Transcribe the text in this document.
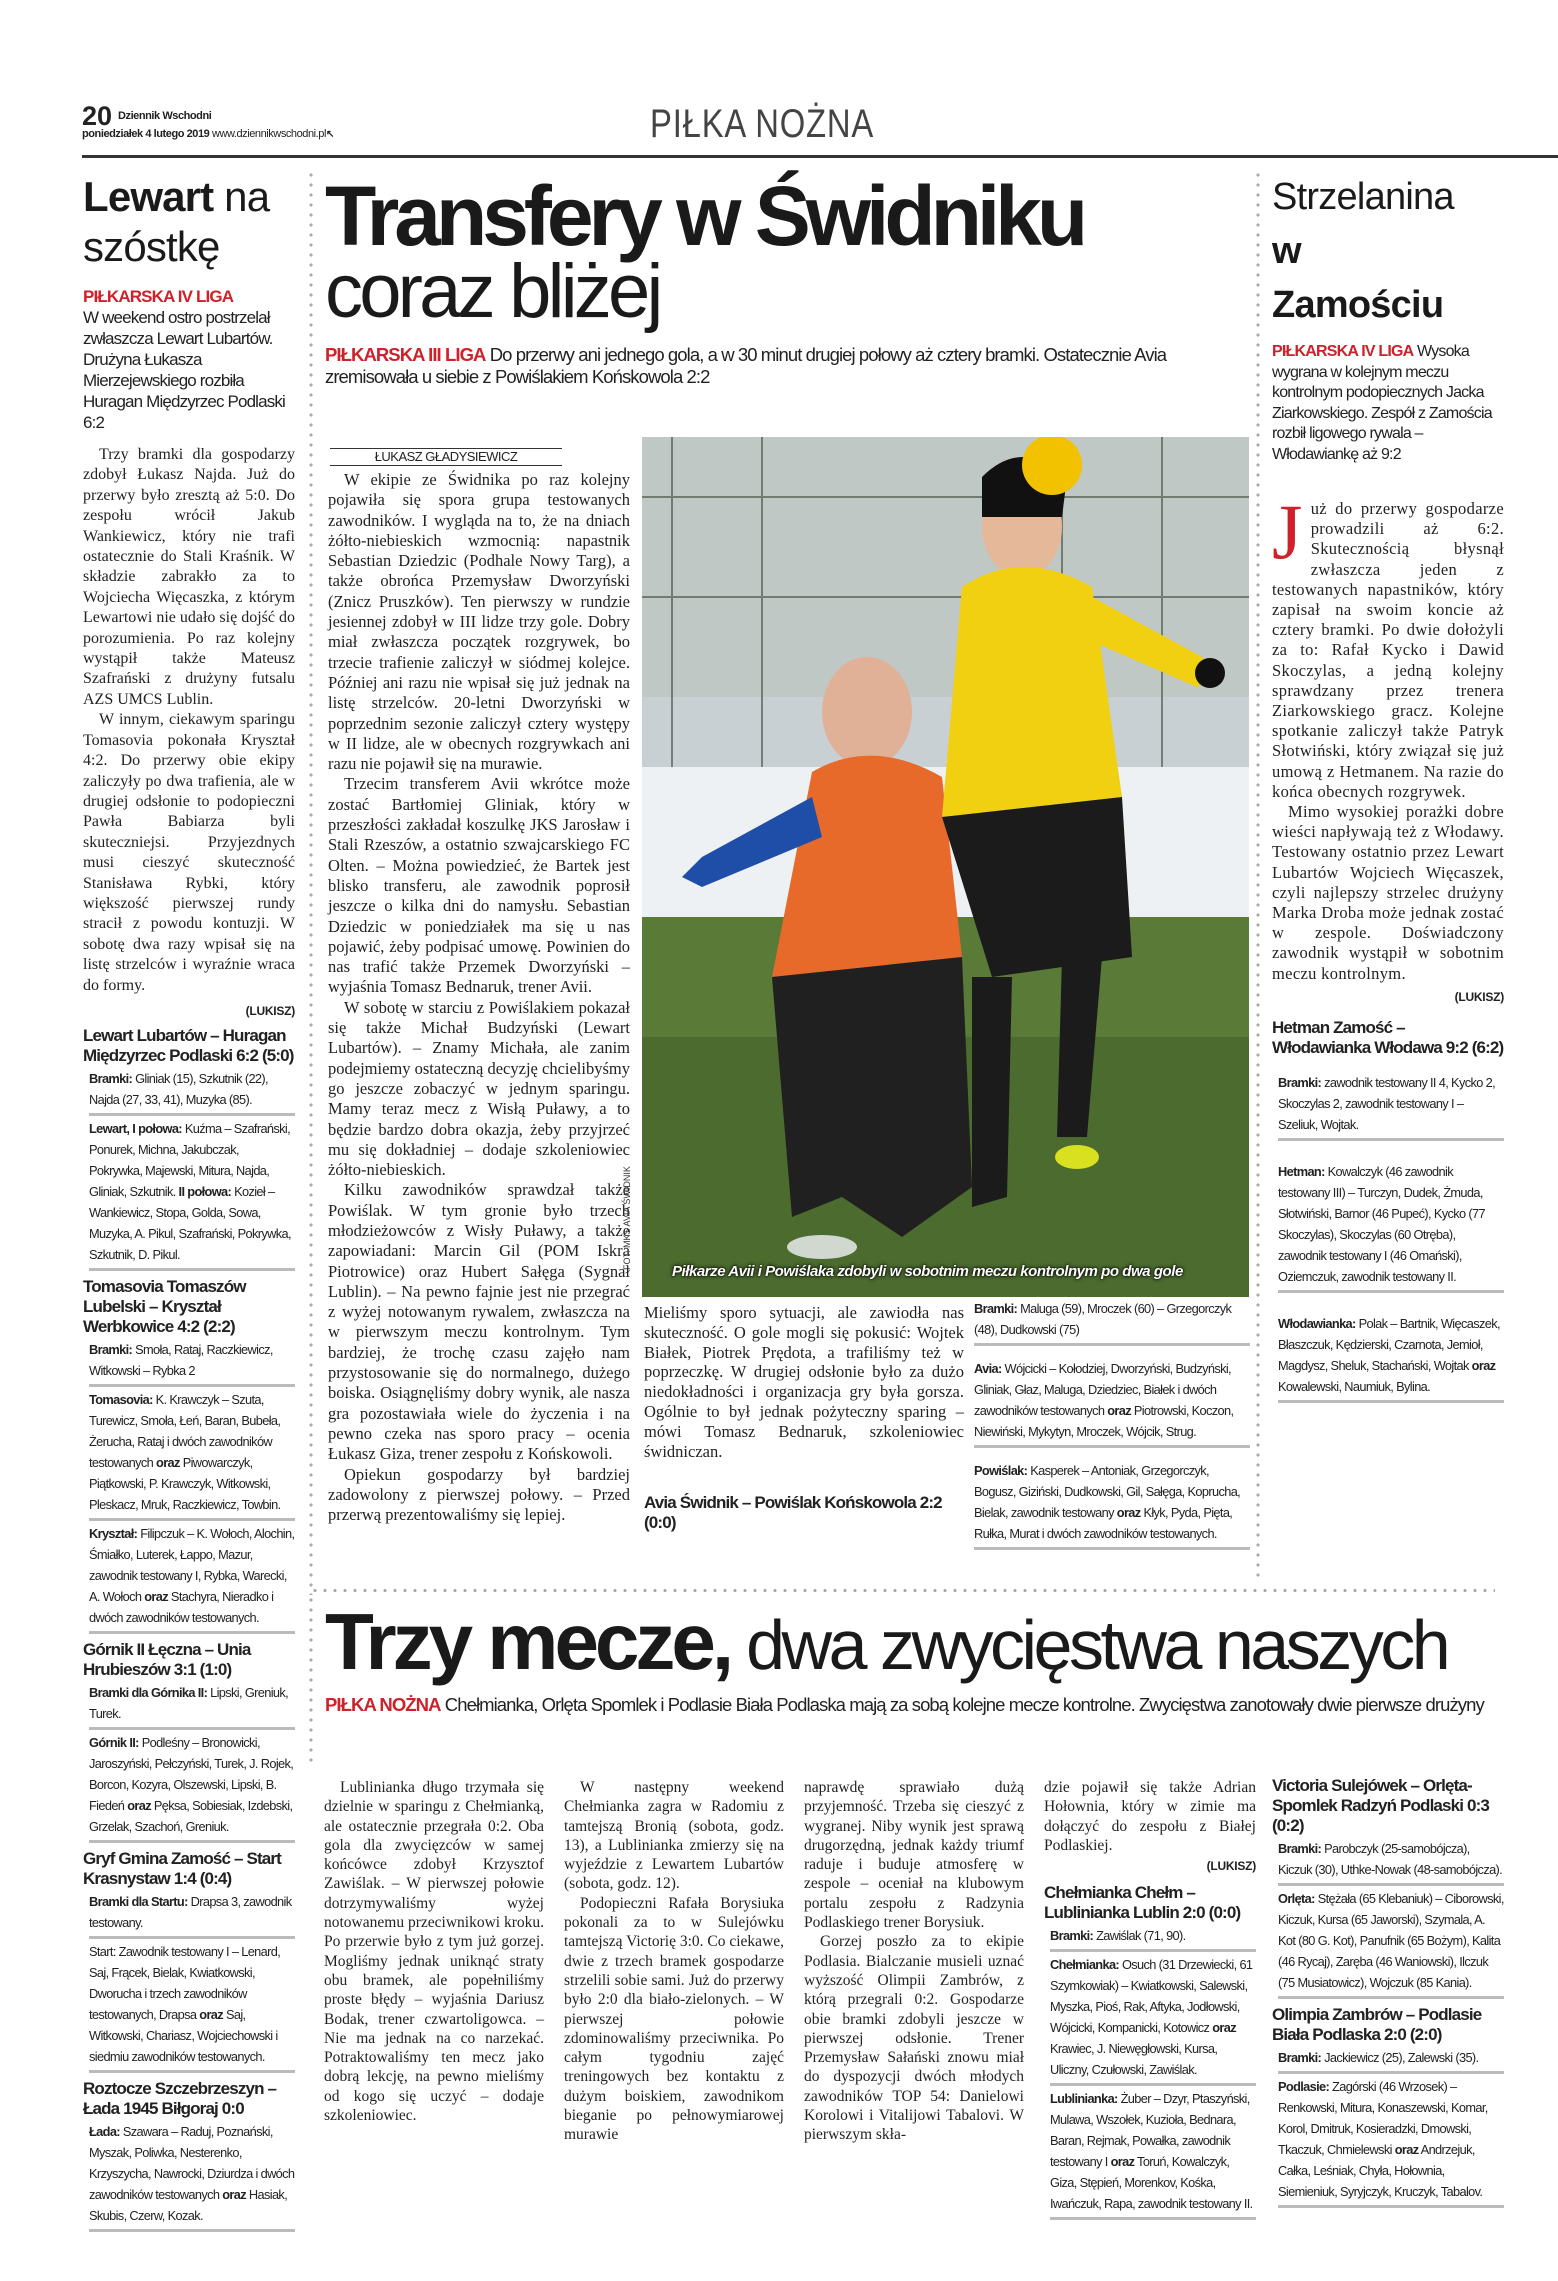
20 Dziennik Wschodni
poniedziałek 4 lutego 2019 www.dziennikwschodni.pl↖	PIŁKA NOŻNA
Lewart na
szóstkę
PIŁKARSKA IV LIGA
W weekend ostro postrzelał zwłaszcza Lewart Lubartów. Drużyna Łukasza Mierzejewskiego rozbiła Huragan Międzyrzec Podlaski 6:2

Trzy bramki dla gospodarzy zdobył Łukasz Najda. Już do przerwy było zresztą aż 5:0. Do zespołu wrócił Jakub Wankiewicz, który nie trafi ostatecznie do Stali Kraśnik. W składzie zabrakło za to Wojciecha Więcaszka, z którym Lewartowi nie udało się dojść do porozumienia. Po raz kolejny wystąpił także Mateusz Szafrański z drużyny futsalu AZS UMCS Lublin.

W innym, ciekawym sparingu Tomasovia pokonała Kryształ 4:2. Do przerwy obie ekipy zaliczyły po dwa trafienia, ale w drugiej odsłonie to podopieczni Pawła Babiarza byli skuteczniejsi. Przyjezdnych musi cieszyć skuteczność Stanisława Rybki, który większość pierwszej rundy stracił z powodu kontuzji. W sobotę dwa razy wpisał się na listę strzelców i wyraźnie wraca do formy.

(LUKISZ)
Lewart Lubartów – Huragan Międzyrzec Podlaski 6:2 (5:0)
Bramki: Gliniak (15), Szkutnik (22), Najda (27, 33, 41), Muzyka (85).
Lewart, I połowa: Kuźma – Szafrański, Ponurek, Michna, Jakubczak, Pokrywka, Majewski, Mitura, Najda, Gliniak, Szkutnik. II połowa: Kozieł – Wankiewicz, Stopa, Golda, Sowa, Muzyka, A. Pikul, Szafrański, Pokrywka, Szkutnik, D. Pikul.
Tomasovia Tomaszów Lubelski – Kryształ Werbkowice 4:2 (2:2)
Bramki: Smoła, Rataj, Raczkiewicz, Witkowski – Rybka 2
Tomasovia: K. Krawczyk – Szuta, Turewicz, Smoła, Łeń, Baran, Bubeła, Żerucha, Rataj i dwóch zawodników testowanych oraz Piwowarczyk, Piątkowski, P. Krawczyk, Witkowski, Pleskacz, Mruk, Raczkiewicz, Towbin.
Kryształ: Filipczuk – K. Wołoch, Alochin, Śmiałko, Luterek, Łappo, Mazur, zawodnik testowany I, Rybka, Warecki, A. Wołoch oraz Stachyra, Nieradko i dwóch zawodników testowanych.
Górnik II Łęczna – Unia Hrubieszów 3:1 (1:0)
Bramki dla Górnika II: Lipski, Greniuk, Turek.
Górnik II: Podleśny – Bronowicki, Jaroszyński, Pełczyński, Turek, J. Rojek, Borcon, Kozyra, Olszewski, Lipski, B. Fiedeń oraz Pęksa, Sobiesiak, Izdebski, Grzelak, Szachoń, Greniuk.
Gryf Gmina Zamość – Start Krasnystaw 1:4 (0:4)
Bramki dla Startu: Drapsa 3, zawodnik testowany.
Start: Zawodnik testowany I – Lenard, Saj, Frącek, Bielak, Kwiatkowski, Dworucha i trzech zawodników testowanych, Drapsa oraz Saj, Witkowski, Chariasz, Wojciechowski i siedmiu zawodników testowanych.
Roztocze Szczebrzeszyn – Łada 1945 Biłgoraj 0:0
Łada: Szawara – Raduj, Poznański, Myszak, Poliwka, Nesterenko, Krzyszycha, Nawrocki, Dziurdza i dwóch zawodników testowanych oraz Hasiak, Skubis, Czerw, Kozak.
Transfery w Świdniku
coraz bliżej
PIŁKARSKA III LIGA Do przerwy ani jednego gola, a w 30 minut drugiej połowy aż cztery bramki. Ostatecznie Avia zremisowała u siebie z Powiślakiem Końskowola 2:2
ŁUKASZ GŁADYSIEWICZ

W ekipie ze Świdnika po raz kolejny pojawiła się spora grupa testowanych zawodników. I wygląda na to, że na dniach żółto-niebieskich wzmocnią: napastnik Sebastian Dziedzic (Podhale Nowy Targ), a także obrońca Przemysław Dworzyński (Znicz Pruszków). Ten pierwszy w rundzie jesiennej zdobył w III lidze trzy gole. Dobry miał zwłaszcza początek rozgrywek, bo trzecie trafienie zaliczył w siódmej kolejce. Później ani razu nie wpisał się już jednak na listę strzelców. 20-letni Dworzyński w poprzednim sezonie zaliczył cztery występy w II lidze, ale w obecnych rozgrywkach ani razu nie pojawił się na murawie.

Trzecim transferem Avii wkrótce może zostać Bartłomiej Gliniak, który w przeszłości zakładał koszulkę JKS Jarosław i Stali Rzeszów, a ostatnio szwajcarskiego FC Olten. – Można powiedzieć, że Bartek jest blisko transferu, ale zawodnik poprosił jeszcze o kilka dni do namysłu. Sebastian Dziedzic w poniedziałek ma się u nas pojawić, żeby podpisać umowę. Powinien do nas trafić także Przemek Dworzyński – wyjaśnia Tomasz Bednaruk, trener Avii.

W sobotę w starciu z Powiślakiem pokazał się także Michał Budzyński (Lewart Lubartów). – Znamy Michała, ale zanim podejmiemy ostateczną decyzję chcielibyśmy go jeszcze zobaczyć w jednym sparingu. Mamy teraz mecz z Wisłą Puławy, a to będzie bardzo dobra okazja, żeby przyjrzeć mu się dokładniej – dodaje szkoleniowiec żółto-niebieskich.

Kilku zawodników sprawdzał także Powiślak. W tym gronie było trzech młodzieżowców z Wisły Puławy, a także zapowiadani: Marcin Gil (POM Iskra Piotrowice) oraz Hubert Sałęga (Sygnał Lublin). – Na pewno fajnie jest nie przegrać z wyżej notowanym rywalem, zwłaszcza na w pierwszym meczu kontrolnym. Tym bardziej, że trochę czasu zajęło nam przystosowanie się do normalnego, dużego boiska. Osiągnęliśmy dobry wynik, ale nasza gra pozostawiała wiele do życzenia i na pewno czeka nas sporo pracy – ocenia Łukasz Giza, trener zespołu z Końskowoli.

Opiekun gospodarzy był bardziej zadowolony z pierwszej połowy. – Przed przerwą prezentowaliśmy się lepiej.

Piłkarze Avii i Powiślaka zdobyli w sobotnim meczu kontrolnym po dwa gole
FOT. MKS AVIA ŚWIDNIK
Mieliśmy sporo sytuacji, ale zawiodła nas skuteczność. O gole mogli się pokusić: Wojtek Białek, Piotrek Prędota, a trafiliśmy też w poprzeczkę. W drugiej odsłonie było za dużo niedokładności i organizacja gry była gorsza. Ogólnie to był jednak pożyteczny sparing – mówi Tomasz Bednaruk, szkoleniowiec świdniczan.
Avia Świdnik – Powiślak Końskowola 2:2 (0:0)
Bramki: Maluga (59), Mroczek (60) – Grzegorczyk (48), Dudkowski (75)
Avia: Wójcicki – Kołodziej, Dworzyński, Budzyński, Gliniak, Głaz, Maluga, Dziedziec, Białek i dwóch zawodników testowanych oraz Piotrowski, Koczon, Niewiński, Mykytyn, Mroczek, Wójcik, Strug.
Powiślak: Kasperek – Antoniak, Grzegorczyk, Bogusz, Giziński, Dudkowski, Gil, Sałęga, Koprucha, Bielak, zawodnik testowany oraz Kłyk, Pyda, Pięta, Rułka, Murat i dwóch zawodników testowanych.
Strzelanina
w
Zamościu
PIŁKARSKA IV LIGA Wysoka wygrana w kolejnym meczu kontrolnym podopiecznych Jacka Ziarkowskiego. Zespół z Zamościa rozbił ligowego rywala – Włodawiankę aż 9:2
Już do przerwy gospodarze prowadzili aż 6:2. Skutecznością błysnął zwłaszcza jeden z testowanych napastników, który zapisał na swoim koncie aż cztery bramki. Po dwie dołożyli za to: Rafał Kycko i Dawid Skoczylas, a jedną kolejny sprawdzany przez trenera Ziarkowskiego gracz. Kolejne spotkanie zaliczył także Patryk Słotwiński, który związał się już umową z Hetmanem. Na razie do końca obecnych rozgrywek.

Mimo wysokiej porażki dobre wieści napływają też z Włodawy. Testowany ostatnio przez Lewart Lubartów Wojciech Więcaszek, czyli najlepszy strzelec drużyny Marka Droba może jednak zostać w zespole. Doświadczony zawodnik wystąpił w sobotnim meczu kontrolnym.

(LUKISZ)
Hetman Zamość – Włodawianka Włodawa 9:2 (6:2)
Bramki: zawodnik testowany II 4, Kycko 2, Skoczylas 2, zawodnik testowany I – Szeliuk, Wojtak.
Hetman: Kowalczyk (46 zawodnik testowany III) – Turczyn, Dudek, Żmuda, Słotwiński, Barnor (46 Pupeć), Kycko (77 Skoczylas), Skoczylas (60 Otręba), zawodnik testowany I (46 Omański), Oziemczuk, zawodnik testowany II.
Włodawianka: Polak – Bartnik, Więcaszek, Błaszczuk, Kędzierski, Czarnota, Jemioł, Magdysz, Sheluk, Stachański, Wojtak oraz Kowalewski, Naumiuk, Bylina.
Trzy mecze, dwa zwycięstwa naszych
PIŁKA NOŻNA Chełmianka, Orlęta Spomlek i Podlasie Biała Podlaska mają za sobą kolejne mecze kontrolne. Zwycięstwa zanotowały dwie pierwsze drużyny

Lublinianka długo trzymała się dzielnie w sparingu z Chełmianką, ale ostatecznie przegrała 0:2. Oba gola dla zwycięzców w samej końcówce zdobył Krzysztof Zawiślak. – W pierwszej połowie dotrzymywaliśmy wyżej notowanemu przeciwnikowi kroku. Po przerwie było z tym już gorzej. Mogliśmy jednak uniknąć straty obu bramek, ale popełniliśmy proste błędy – wyjaśnia Dariusz Bodak, trener czwartoligowca. – Nie ma jednak na co narzekać. Potraktowaliśmy ten mecz jako dobrą lekcję, na pewno mieliśmy od kogo się uczyć – dodaje szkoleniowiec.

W następny weekend Chełmianka zagra w Radomiu z tamtejszą Bronią (sobota, godz. 13), a Lublinianka zmierzy się na wyjeździe z Lewartem Lubartów (sobota, godz. 12).

Podopieczni Rafała Borysiuka pokonali za to w Sulejówku tamtejszą Victorię 3:0. Co ciekawe, dwie z trzech bramek gospodarze strzelili sobie sami. Już do przerwy było 2:0 dla biało-zielonych. – W pierwszej połowie zdominowaliśmy przeciwnika. Po całym tygodniu zajęć treningowych bez kontaktu z dużym boiskiem, zawodnikom bieganie po pełnowymiarowej murawie

naprawdę sprawiało dużą przyjemność. Trzeba się cieszyć z wygranej. Niby wynik jest sprawą drugorzędną, jednak każdy triumf raduje i buduje atmosferę w zespole – oceniał na klubowym portalu zespołu z Radzynia Podlaskiego trener Borysiuk.

Gorzej poszło za to ekipie Podlasia. Bialczanie musieli uznać wyższość Olimpii Zambrów, z którą przegrali 0:2. Gospodarze obie bramki zdobyli jeszcze w pierwszej odsłonie. Trener Przemysław Sałański znowu miał do dyspozycji dwóch młodych zawodników TOP 54: Danielowi Korolowi i Vitalijowi Tabalovi. W pierwszym skła-

dzie pojawił się także Adrian Hołownia, który w zimie ma dołączyć do zespołu z Białej Podlaskiej.
(LUKISZ)
Chełmianka Chełm – Lublinianka Lublin 2:0 (0:0)
Bramki: Zawiślak (71, 90).
Chełmianka: Osuch (31 Drzewiecki, 61 Szymkowiak) – Kwiatkowski, Salewski, Myszka, Pioś, Rak, Aftyka, Jodłowski, Wójcicki, Kompanicki, Kotowicz oraz Krawiec, J. Niewęgłowski, Kursa, Uliczny, Czułowski, Zawiślak.
Lublinianka: Żuber – Dzyr, Ptaszyński, Mulawa, Wszołek, Kuzioła, Bednara, Baran, Rejmak, Powałka, zawodnik testowany I oraz Toruń, Kowalczyk, Giza, Stępień, Morenkov, Kośka, Iwańczuk, Rapa, zawodnik testowany II.
Victoria Sulejówek – Orlęta-Spomlek Radzyń Podlaski 0:3 (0:2)
Bramki: Parobczyk (25-samobójcza), Kiczuk (30), Uthke-Nowak (48-samobójcza).
Orlęta: Stężała (65 Klebaniuk) – Ciborowski, Kiczuk, Kursa (65 Jaworski), Szymala, A. Kot (80 G. Kot), Panufnik (65 Bożym), Kalita (46 Rycaj), Zaręba (46 Waniowski), Ilczuk (75 Musiatowicz), Wojczuk (85 Kania).
Olimpia Zambrów – Podlasie Biała Podlaska 2:0 (2:0)
Bramki: Jackiewicz (25), Zalewski (35).
Podlasie: Zagórski (46 Wrzosek) – Renkowski, Mitura, Konaszewski, Komar, Korol, Dmitruk, Kosieradzki, Dmowski, Tkaczuk, Chmielewski oraz Andrzejuk, Całka, Leśniak, Chyła, Hołownia, Siemieniuk, Syryjczyk, Kruczyk, Tabalov.
